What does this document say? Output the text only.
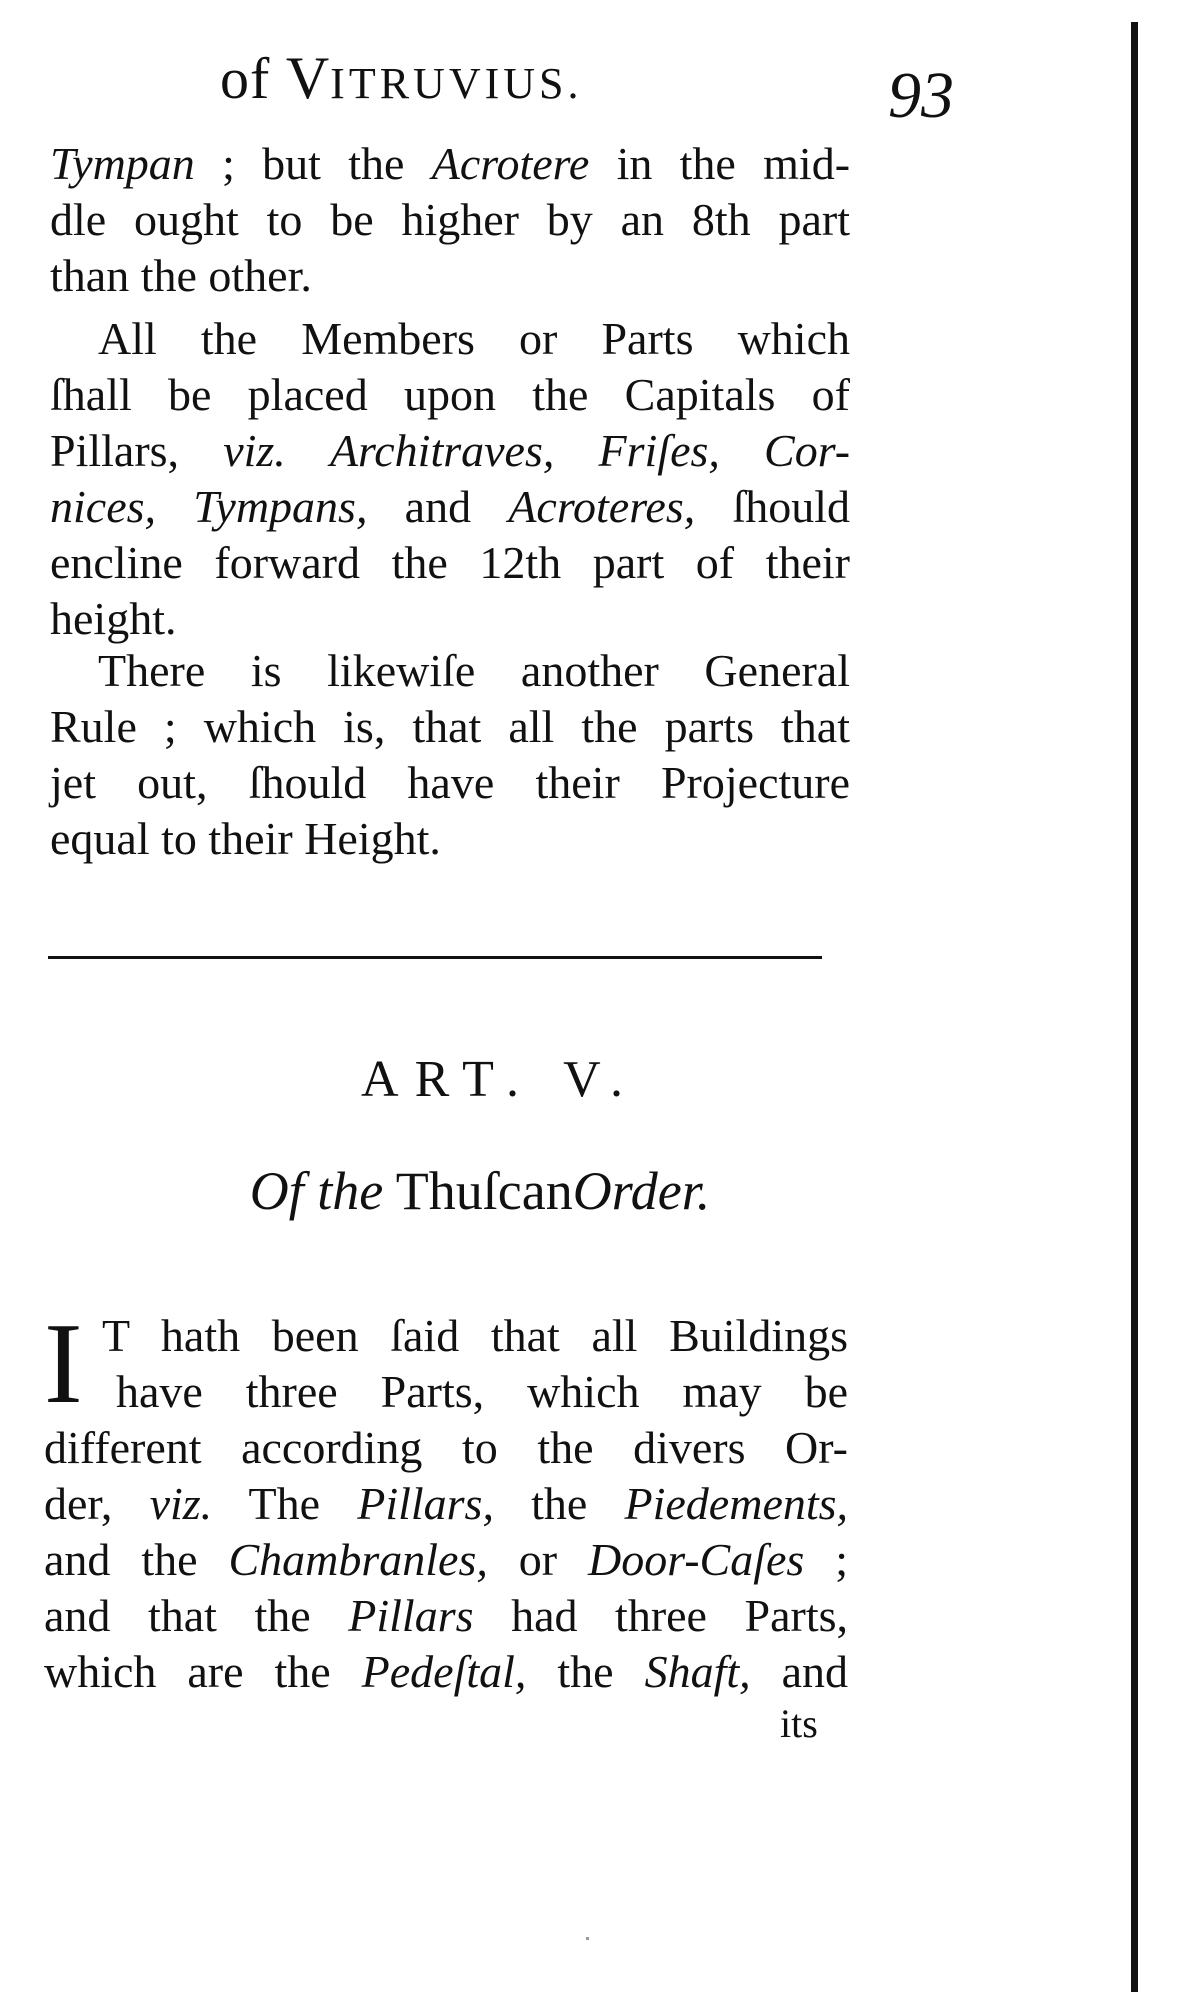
of VITRUVIUS.	93
Tympan ; but the Acrotere in the mid-
dle ought to be higher by an 8th part
than the other.
All the Members or Parts which
ſhall be placed upon the Capitals of
Pillars, viz. Architraves, Friſes, Cor-
nices, Tympans, and Acroteres, ſhould
encline forward the 12th part of their
height.
There is likewiſe another General
Rule ; which is, that all the parts that
jet out, ſhould have their Projecture
equal to their Height.
ART. V.
Of the ThuſcanOrder.
I T hath been ſaid that all Buildings
have three Parts, which may be
different according to the divers Or-
der, viz. The Pillars, the Piedements,
and the Chambranles, or Door-Caſes ;
and that the Pillars had three Parts,
which are the Pedeſtal, the Shaft, and
its
